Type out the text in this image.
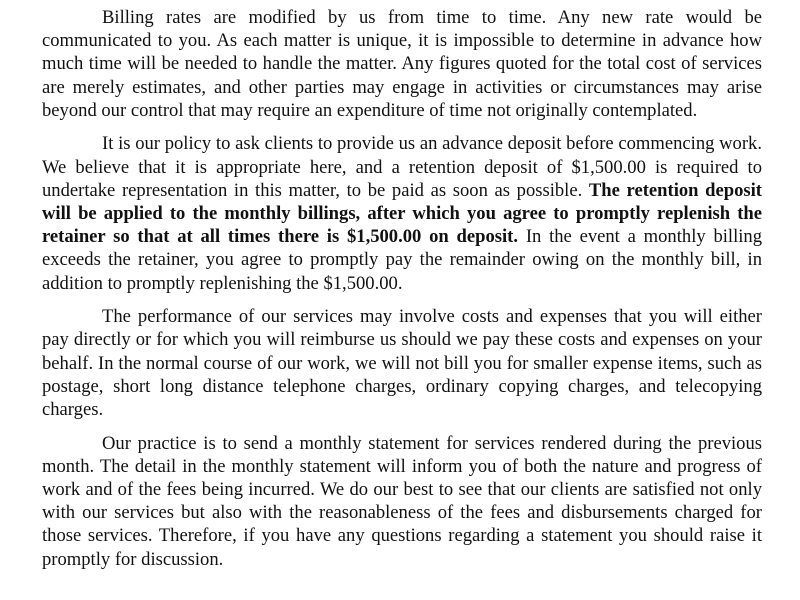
Billing rates are modified by us from time to time. Any new rate would be communicated to you. As each matter is unique, it is impossible to determine in advance how much time will be needed to handle the matter. Any figures quoted for the total cost of services are merely estimates, and other parties may engage in activities or circumstances may arise beyond our control that may require an expenditure of time not originally contemplated.

It is our policy to ask clients to provide us an advance deposit before commencing work. We believe that it is appropriate here, and a retention deposit of $1,500.00 is required to undertake representation in this matter, to be paid as soon as possible. The retention deposit will be applied to the monthly billings, after which you agree to promptly replenish the retainer so that at all times there is $1,500.00 on deposit. In the event a monthly billing exceeds the retainer, you agree to promptly pay the remainder owing on the monthly bill, in addition to promptly replenishing the $1,500.00.

The performance of our services may involve costs and expenses that you will either pay directly or for which you will reimburse us should we pay these costs and expenses on your behalf. In the normal course of our work, we will not bill you for smaller expense items, such as postage, short long distance telephone charges, ordinary copying charges, and telecopying charges.

Our practice is to send a monthly statement for services rendered during the previous month. The detail in the monthly statement will inform you of both the nature and progress of work and of the fees being incurred. We do our best to see that our clients are satisfied not only with our services but also with the reasonableness of the fees and disbursements charged for those services. Therefore, if you have any questions regarding a statement you should raise it promptly for discussion.
